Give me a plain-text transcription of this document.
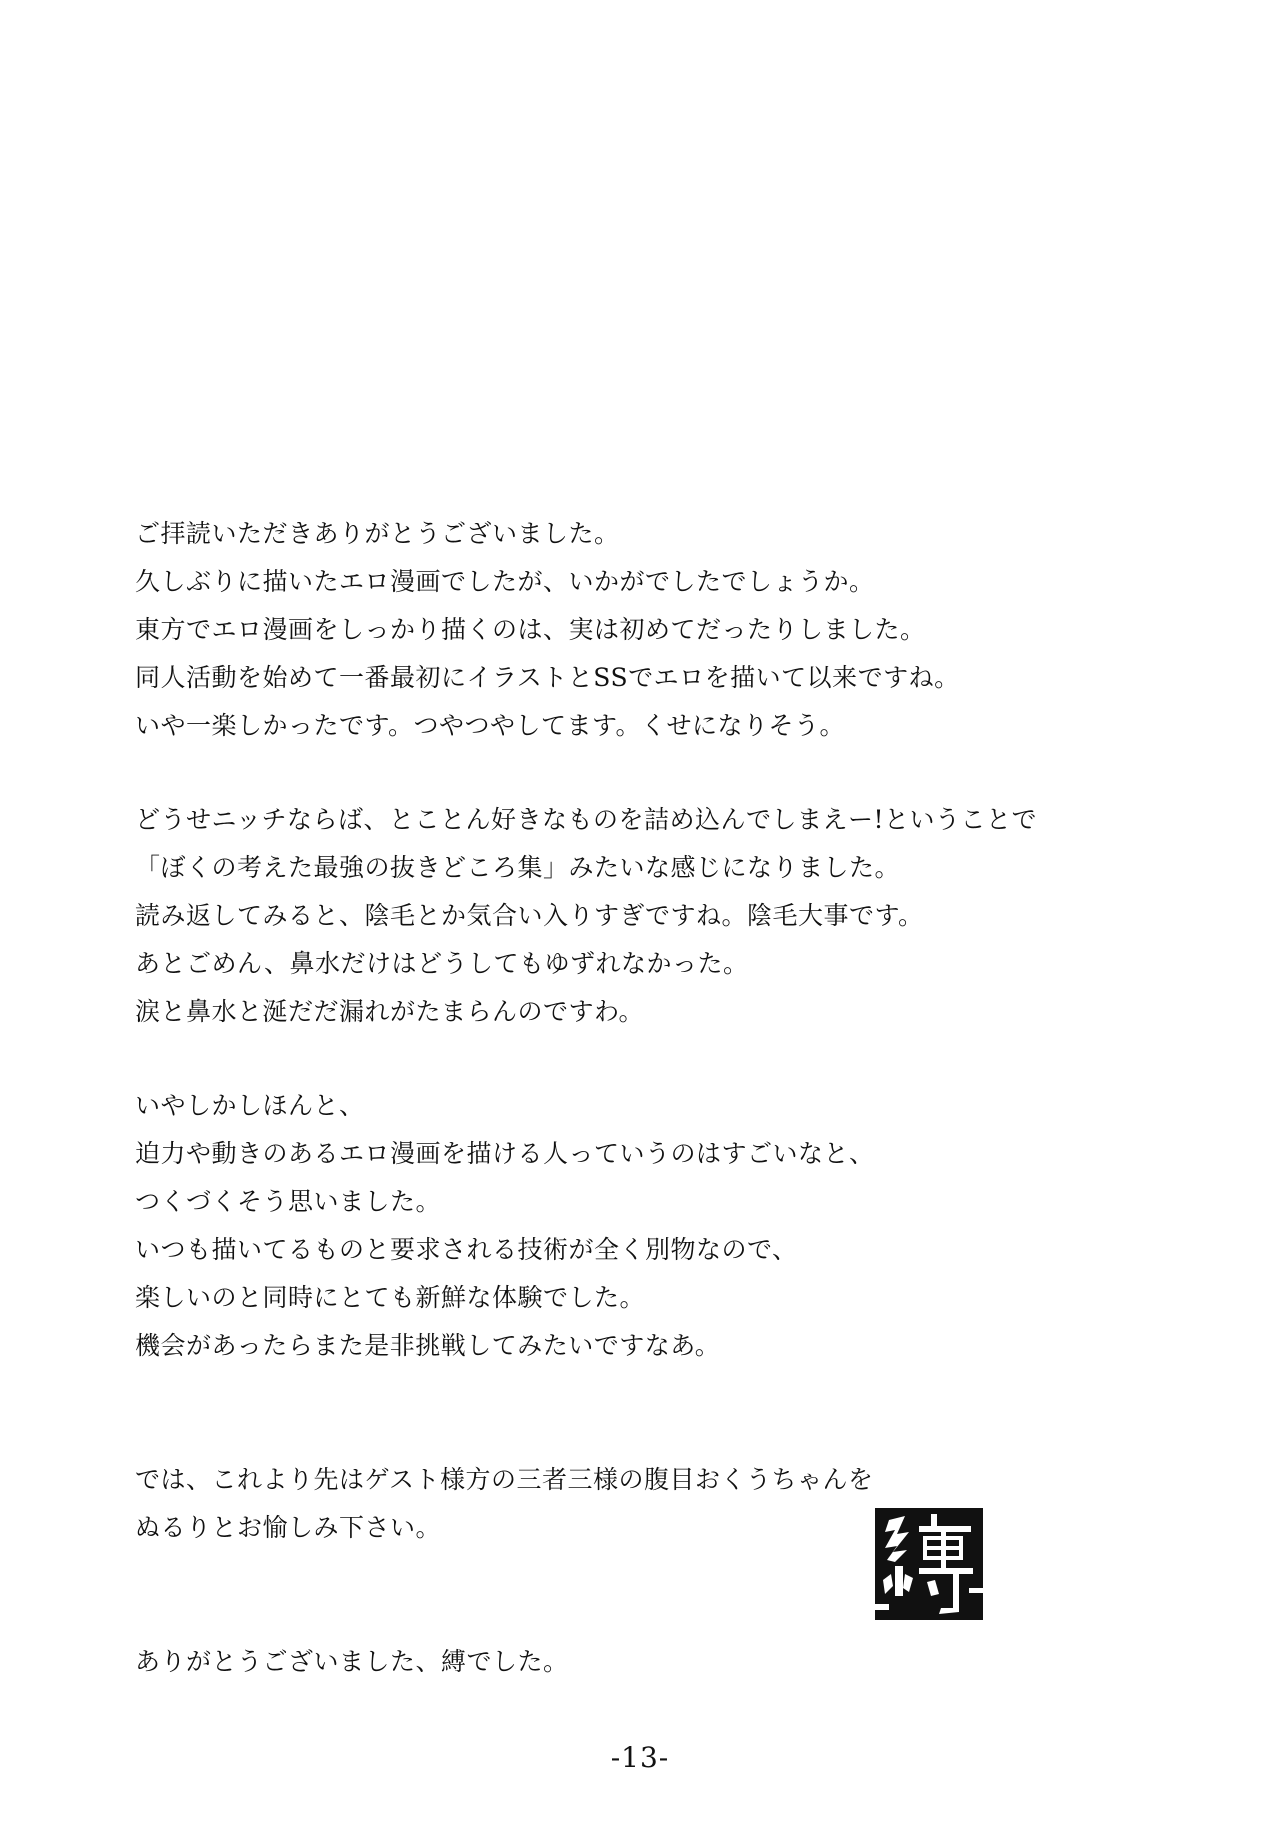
ご拝読いただきありがとうございました。
久しぶりに描いたエロ漫画でしたが、いかがでしたでしょうか。
東方でエロ漫画をしっかり描くのは、実は初めてだったりしました。
同人活動を始めて一番最初にイラストとSSでエロを描いて以来ですね。
いや一楽しかったです。つやつやしてます。くせになりそう。
どうせニッチならば、とことん好きなものを詰め込んでしまえー!ということで
「ぼくの考えた最強の抜きどころ集」みたいな感じになりました。
読み返してみると、陰毛とか気合い入りすぎですね。陰毛大事です。
あとごめん、鼻水だけはどうしてもゆずれなかった。
涙と鼻水と涎だだ漏れがたまらんのですわ。
いやしかしほんと、
迫力や動きのあるエロ漫画を描ける人っていうのはすごいなと、
つくづくそう思いました。
いつも描いてるものと要求される技術が全く別物なので、
楽しいのと同時にとても新鮮な体験でした。
機会があったらまた是非挑戦してみたいですなあ。
では、これより先はゲスト様方の三者三様の腹目おくうちゃんを
ぬるりとお愉しみ下さい。
ありがとうございました、縛でした。
-13-
